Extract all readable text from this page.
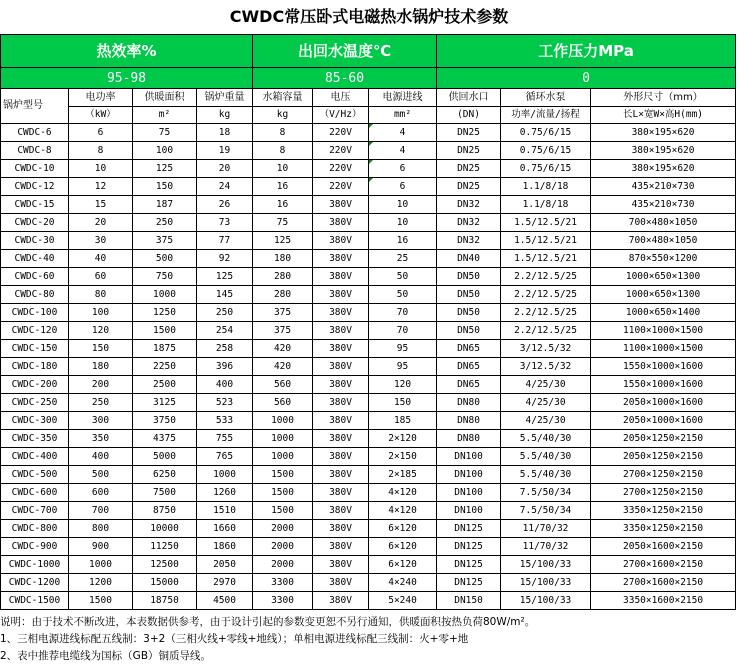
CWDC常压卧式电磁热水锅炉技术参数
热效率%				出回水温度℃			工作压力MPa		
95-98				85-60			0		
锅炉型号	电功率	供暖面积	锅炉重量	水箱容量	电压	电源进线	供回水口	循环水泵	外形尺寸（mm）
	（kW）	m²	kg	kg	（V/Hz）	mm²	(DN)	功率/流量/扬程	长L×宽W×高H(mm)
CWDC-6	6	75	18	8	220V	4	DN25	0.75/6/15	380×195×620
CWDC-8	8	100	19	8	220V	4	DN25	0.75/6/15	380×195×620
CWDC-10	10	125	20	10	220V	6	DN25	0.75/6/15	380×195×620
CWDC-12	12	150	24	16	220V	6	DN25	1.1/8/18	435×210×730
CWDC-15	15	187	26	16	380V	10	DN32	1.1/8/18	435×210×730
CWDC-20	20	250	73	75	380V	10	DN32	1.5/12.5/21	700×480×1050
CWDC-30	30	375	77	125	380V	16	DN32	1.5/12.5/21	700×480×1050
CWDC-40	40	500	92	180	380V	25	DN40	1.5/12.5/21	870×550×1200
CWDC-60	60	750	125	280	380V	50	DN50	2.2/12.5/25	1000×650×1300
CWDC-80	80	1000	145	280	380V	50	DN50	2.2/12.5/25	1000×650×1300
CWDC-100	100	1250	250	375	380V	70	DN50	2.2/12.5/25	1000×650×1400
CWDC-120	120	1500	254	375	380V	70	DN50	2.2/12.5/25	1100×1000×1500
CWDC-150	150	1875	258	420	380V	95	DN65	3/12.5/32	1100×1000×1500
CWDC-180	180	2250	396	420	380V	95	DN65	3/12.5/32	1550×1000×1600
CWDC-200	200	2500	400	560	380V	120	DN65	4/25/30	1550×1000×1600
CWDC-250	250	3125	523	560	380V	150	DN80	4/25/30	2050×1000×1600
CWDC-300	300	3750	533	1000	380V	185	DN80	4/25/30	2050×1000×1600
CWDC-350	350	4375	755	1000	380V	2×120	DN80	5.5/40/30	2050×1250×2150
CWDC-400	400	5000	765	1000	380V	2×150	DN100	5.5/40/30	2050×1250×2150
CWDC-500	500	6250	1000	1500	380V	2×185	DN100	5.5/40/30	2700×1250×2150
CWDC-600	600	7500	1260	1500	380V	4×120	DN100	7.5/50/34	2700×1250×2150
CWDC-700	700	8750	1510	1500	380V	4×120	DN100	7.5/50/34	3350×1250×2150
CWDC-800	800	10000	1660	2000	380V	6×120	DN125	11/70/32	3350×1250×2150
CWDC-900	900	11250	1860	2000	380V	6×120	DN125	11/70/32	2050×1600×2150
CWDC-1000	1000	12500	2050	2000	380V	6×120	DN125	15/100/33	2700×1600×2150
CWDC-1200	1200	15000	2970	3300	380V	4×240	DN125	15/100/33	2700×1600×2150
CWDC-1500	1500	18750	4500	3300	380V	5×240	DN150	15/100/33	3350×1600×2150
说明：由于技术不断改进，本表数据供参考，由于设计引起的参数变更恕不另行通知，供暖面积按热负荷80W/m²。
1、三相电源进线标配五线制：3+2（三相火线+零线+地线）；单相电源进线标配三线制：火+零+地
2、表中推荐电缆线为国标（GB）铜质导线。
